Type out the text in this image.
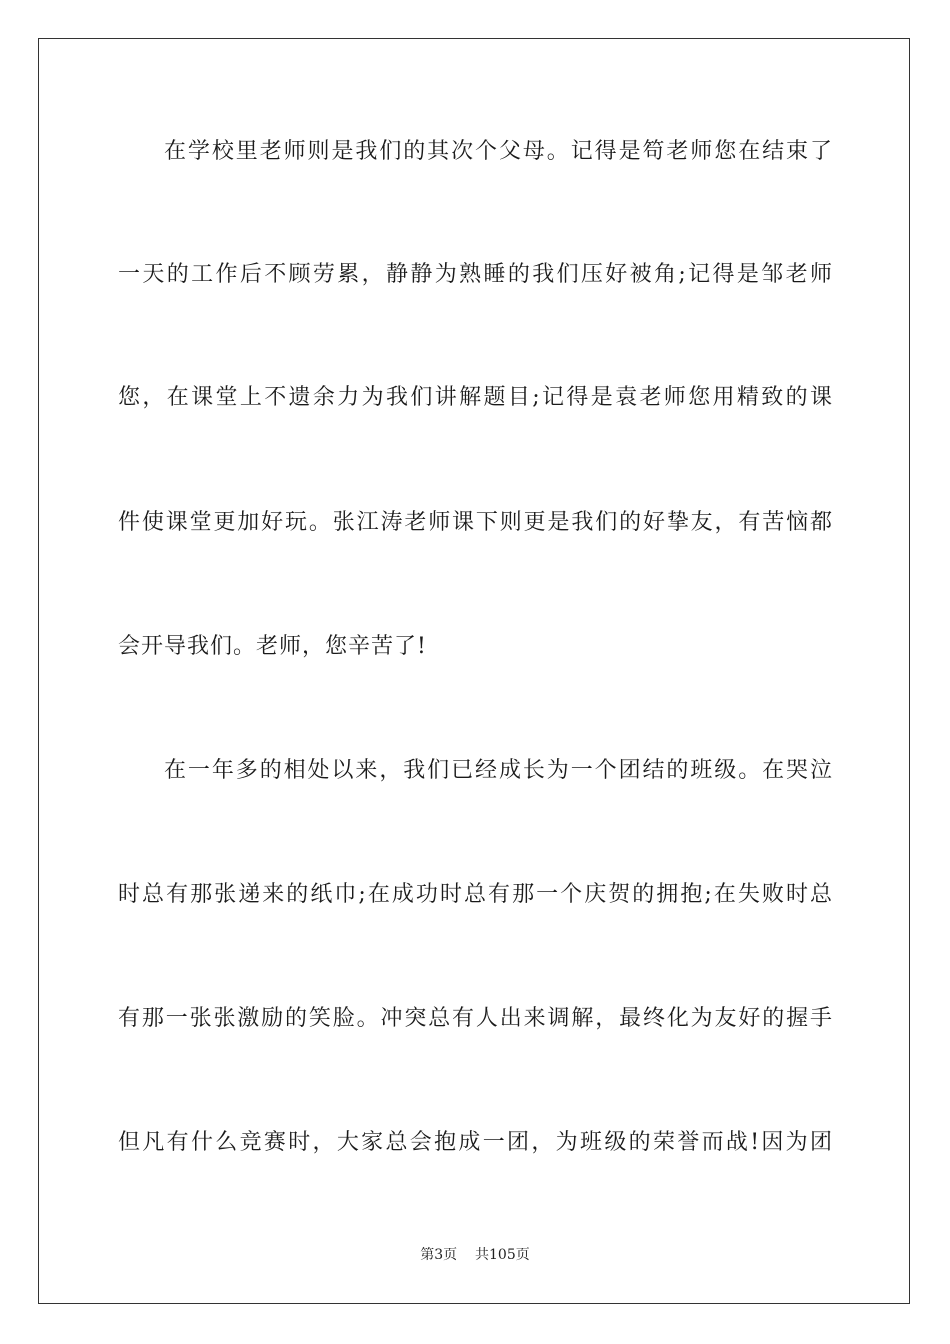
在学校里老师则是我们的其次个父母。记得是笱老师您在结束了
一天的工作后不顾劳累，静静为熟睡的我们压好被角;记得是邹老师
您，在课堂上不遗余力为我们讲解题目;记得是袁老师您用精致的课
件使课堂更加好玩。张江涛老师课下则更是我们的好挚友，有苦恼都
会开导我们。老师，您辛苦了!
在一年多的相处以来，我们已经成长为一个团结的班级。在哭泣
时总有那张递来的纸巾;在成功时总有那一个庆贺的拥抱;在失败时总
有那一张张激励的笑脸。冲突总有人出来调解，最终化为友好的握手
但凡有什么竞赛时，大家总会抱成一团，为班级的荣誉而战!因为团
第3页 共105页
